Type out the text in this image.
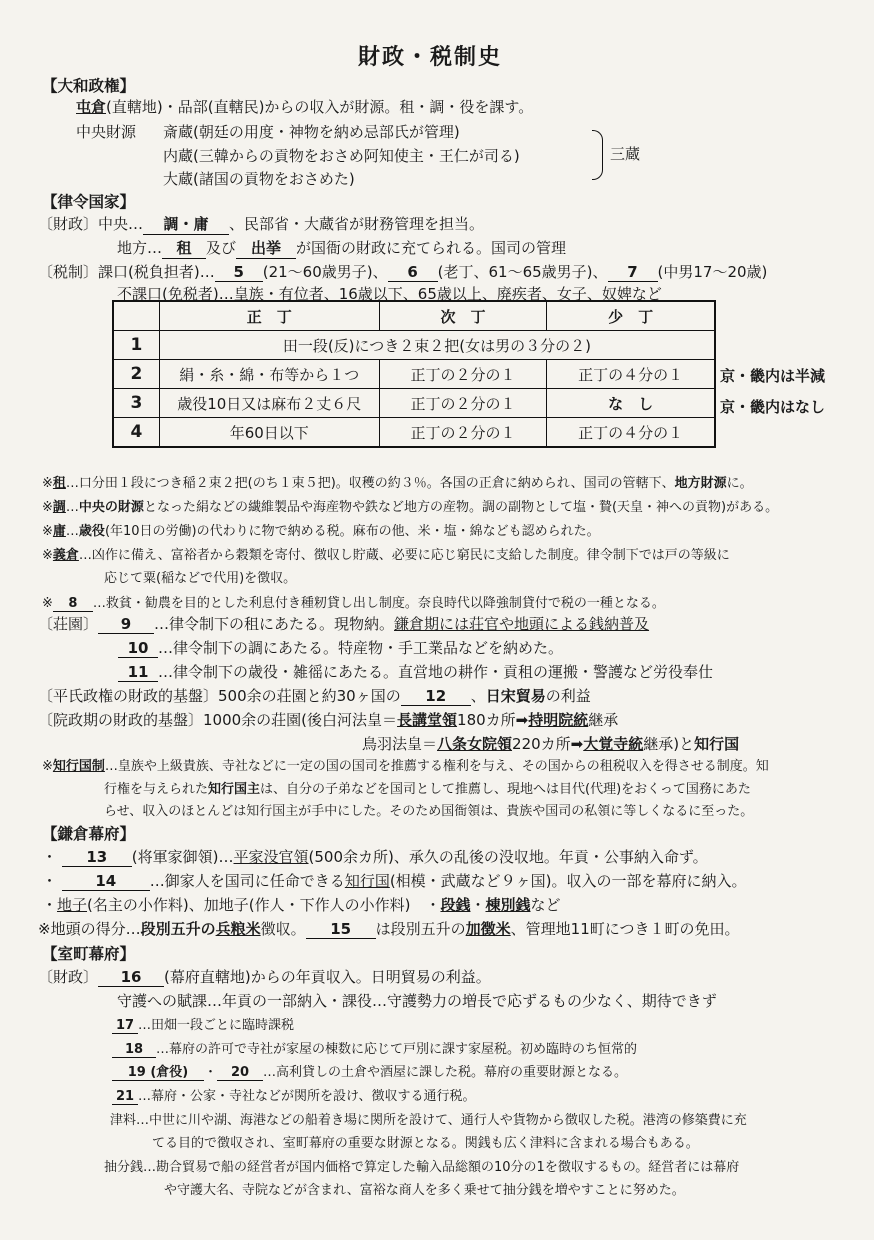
財政・税制史
【大和政権】
屯倉(直轄地)・品部(直轄民)からの収入が財源。租・調・役を課す。
中央財源 斎蔵(朝廷の用度・神物を納め忌部氏が管理)
内蔵(三韓からの貢物をおさめ阿知使主・王仁が司る)
大蔵(諸国の貢物をおさめた)
三蔵
【律令国家】
〔財政〕中央… 調・庸 、民部省・大蔵省が財務管理を担当。
地方… 租 及び 出挙 が国衙の財政に充てられる。国司の管理
〔税制〕課口(税負担者)… 5 (21～60歳男子)、 6 (老丁、61～65歳男子)、 7 (中男17～20歳)
不課口(免税者)…皇族・有位者、16歳以下、65歳以上、廃疾者、女子、奴婢など
	正　丁	次　丁	少　丁
1	田一段(反)につき２束２把(女は男の３分の２)		
2	絹・糸・綿・布等から１つ	正丁の２分の１	正丁の４分の１
3	歳役10日又は麻布２丈６尺	正丁の２分の１	な　し
4	年60日以下	正丁の２分の１	正丁の４分の１
京・畿内は半減
京・畿内はなし
※租…口分田１段につき稲２束２把(のち１束５把)。収穫の約３％。各国の正倉に納められ、国司の管轄下、地方財源に。
※調…中央の財源となった絹などの繊維製品や海産物や鉄など地方の産物。調の副物として塩・贄(天皇・神への貢物)がある。
※庸…歳役(年10日の労働)の代わりに物で納める税。麻布の他、米・塩・綿なども認められた。
※義倉…凶作に備え、富裕者から穀類を寄付、徴収し貯蔵、必要に応じ窮民に支給した制度。律令制下では戸の等級に
応じて粟(稲などで代用)を徴収。
※ 8 …救貧・勧農を目的とした利息付き種籾貸し出し制度。奈良時代以降強制貸付で税の一種となる。
〔荘園〕 9 …律令制下の租にあたる。現物納。鎌倉期には荘官や地頭による銭納普及
10 …律令制下の調にあたる。特産物・手工業品などを納めた。
11 …律令制下の歳役・雑徭にあたる。直営地の耕作・貢租の運搬・警護など労役奉仕
〔平氏政権の財政的基盤〕500余の荘園と約30ヶ国の 12 、日宋貿易の利益
〔院政期の財政的基盤〕1000余の荘園(後白河法皇＝長講堂領180カ所➡持明院統継承
鳥羽法皇＝八条女院領220カ所➡大覚寺統継承)と知行国
※知行国制…皇族や上級貴族、寺社などに一定の国の国司を推薦する権利を与え、その国からの租税収入を得させる制度。知
行権を与えられた知行国主は、自分の子弟などを国司として推薦し、現地へは目代(代理)をおくって国務にあた
らせ、収入のほとんどは知行国主が手中にした。そのため国衙領は、貴族や国司の私領に等しくなるに至った。
【鎌倉幕府】
・ 13 (将軍家御領)…平家没官領(500余カ所)、承久の乱後の没収地。年貢・公事納入命ず。
・	14 …御家人を国司に任命できる知行国(相模・武蔵など９ヶ国)。収入の一部を幕府に納入。
・地子(名主の小作料)、加地子(作人・下作人の小作料)　・段銭・棟別銭など
※地頭の得分…段別五升の兵粮米徴収。 15 は段別五升の加徴米、管理地11町につき１町の免田。
【室町幕府】
〔財政〕 16 (幕府直轄地)からの年貢収入。日明貿易の利益。
守護への賦課…年貢の一部納入・課役…守護勢力の増長で応ずるもの少なく、期待できず
17 …田畑一段ごとに臨時課税
18 …幕府の許可で寺社が家屋の棟数に応じて戸別に課す家屋税。初め臨時のち恒常的
19 (倉役) ・ 20 …高利貸しの土倉や酒屋に課した税。幕府の重要財源となる。
21 …幕府・公家・寺社などが関所を設け、徴収する通行税。
津料…中世に川や湖、海港などの船着き場に関所を設けて、通行人や貨物から徴収した税。港湾の修築費に充
てる目的で徴収され、室町幕府の重要な財源となる。関銭も広く津料に含まれる場合もある。
抽分銭…勘合貿易で船の経営者が国内価格で算定した輸入品総額の10分の1を徴収するもの。経営者には幕府
や守護大名、寺院などが含まれ、富裕な商人を多く乗せて抽分銭を増やすことに努めた。
